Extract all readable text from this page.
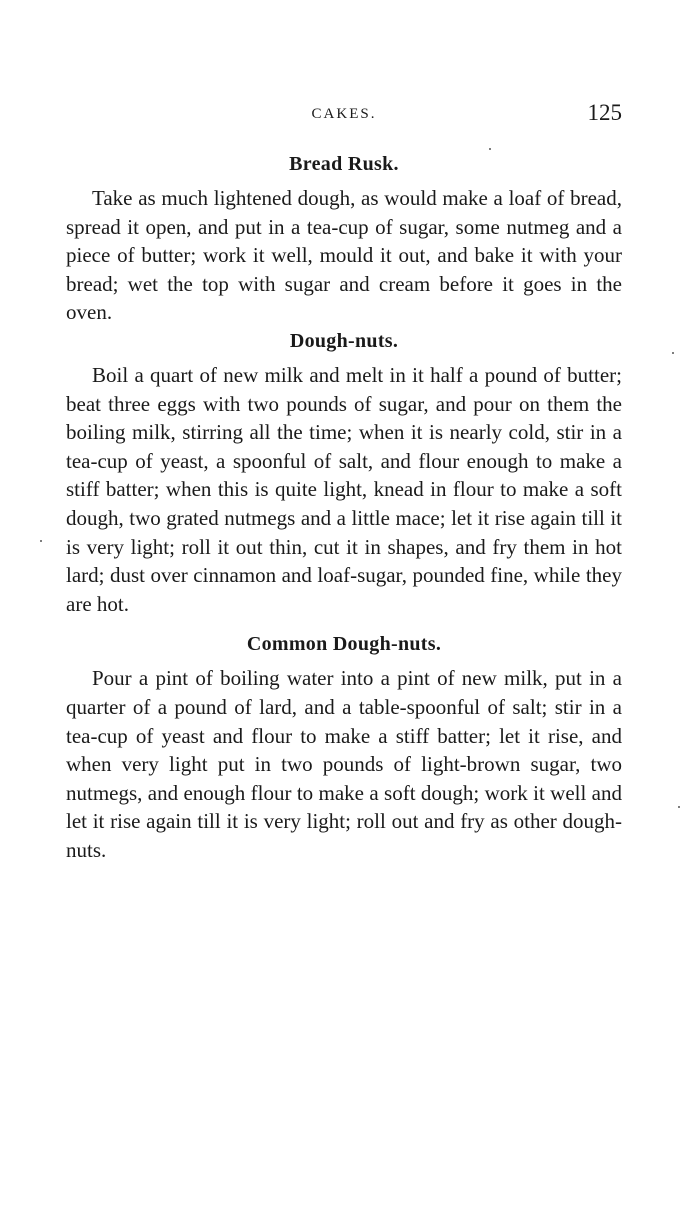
CAKES.	125
Bread Rusk.

Take as much lightened dough, as would make a loaf of bread, spread it open, and put in a tea-cup of sugar, some nutmeg and a piece of butter; work it well, mould it out, and bake it with your bread; wet the top with sugar and cream before it goes in the oven.

Dough-nuts.

Boil a quart of new milk and melt in it half a pound of butter; beat three eggs with two pounds of sugar, and pour on them the boiling milk, stirring all the time; when it is nearly cold, stir in a tea-cup of yeast, a spoonful of salt, and flour enough to make a stiff batter; when this is quite light, knead in flour to make a soft dough, two grated nutmegs and a little mace; let it rise again till it is very light; roll it out thin, cut it in shapes, and fry them in hot lard; dust over cinnamon and loaf-sugar, pounded fine, while they are hot.

Common Dough-nuts.

Pour a pint of boiling water into a pint of new milk, put in a quarter of a pound of lard, and a table-spoonful of salt; stir in a tea-cup of yeast and flour to make a stiff batter; let it rise, and when very light put in two pounds of light-brown sugar, two nutmegs, and enough flour to make a soft dough; work it well and let it rise again till it is very light; roll out and fry as other dough-nuts.
